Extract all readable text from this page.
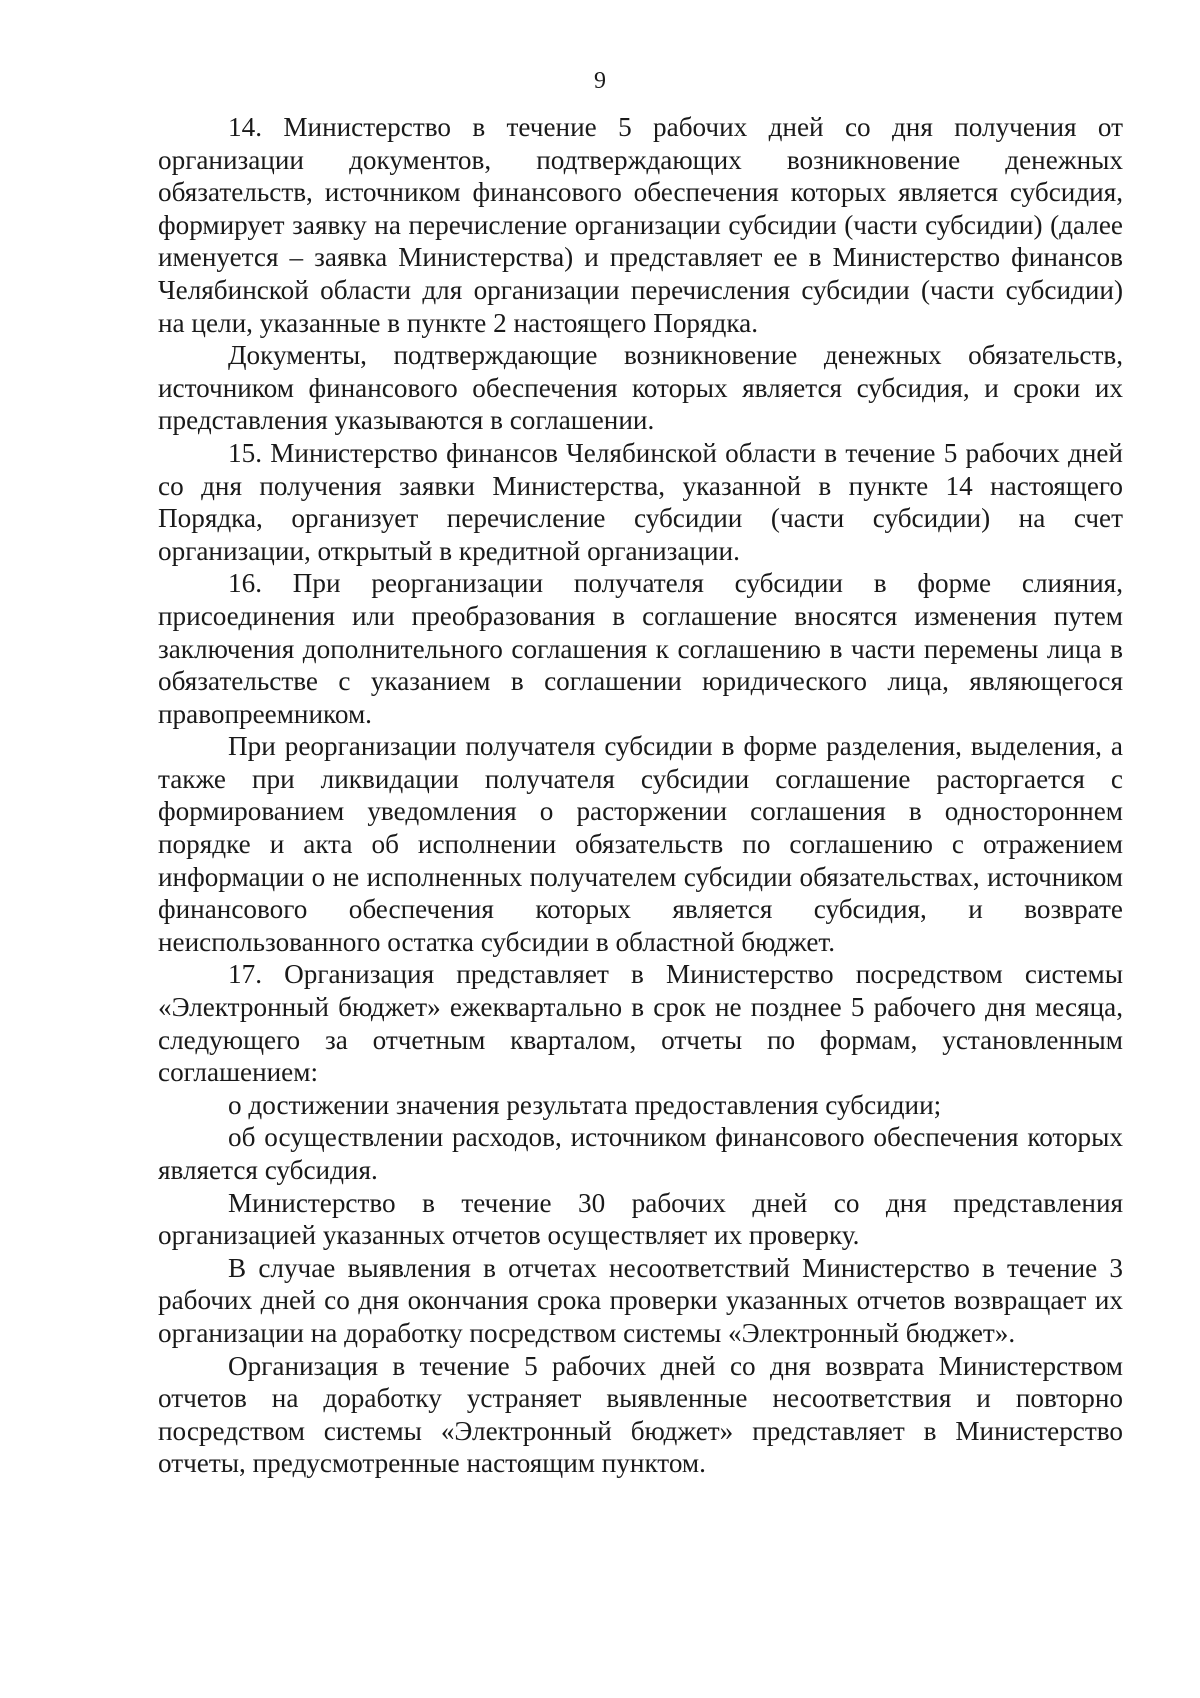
9

14. Министерство в течение 5 рабочих дней со дня получения от организации документов, подтверждающих возникновение денежных обязательств, источником финансового обеспечения которых является субсидия, формирует заявку на перечисление организации субсидии (части субсидии) (далее именуется – заявка Министерства) и представляет ее в Министерство финансов Челябинской области для организации перечисления субсидии (части субсидии) на цели, указанные в пункте 2 настоящего Порядка.

Документы, подтверждающие возникновение денежных обязательств, источником финансового обеспечения которых является субсидия, и сроки их представления указываются в соглашении.

15. Министерство финансов Челябинской области в течение 5 рабочих дней со дня получения заявки Министерства, указанной в пункте 14 настоящего Порядка, организует перечисление субсидии (части субсидии) на счет организации, открытый в кредитной организации.

16. При реорганизации получателя субсидии в форме слияния, присоединения или преобразования в соглашение вносятся изменения путем заключения дополнительного соглашения к соглашению в части перемены лица в обязательстве с указанием в соглашении юридического лица, являющегося правопреемником.

При реорганизации получателя субсидии в форме разделения, выделения, а также при ликвидации получателя субсидии соглашение расторгается с формированием уведомления о расторжении соглашения в одностороннем порядке и акта об исполнении обязательств по соглашению с отражением информации о не исполненных получателем субсидии обязательствах, источником финансового обеспечения которых является субсидия, и возврате неиспользованного остатка субсидии в областной бюджет.

17. Организация представляет в Министерство посредством системы «Электронный бюджет» ежеквартально в срок не позднее 5 рабочего дня месяца, следующего за отчетным кварталом, отчеты по формам, установленным соглашением:

о достижении значения результата предоставления субсидии;

об осуществлении расходов, источником финансового обеспечения которых является субсидия.

Министерство в течение 30 рабочих дней со дня представления организацией указанных отчетов осуществляет их проверку.

В случае выявления в отчетах несоответствий Министерство в течение 3 рабочих дней со дня окончания срока проверки указанных отчетов возвращает их организации на доработку посредством системы «Электронный бюджет».

Организация в течение 5 рабочих дней со дня возврата Министерством отчетов на доработку устраняет выявленные несоответствия и повторно посредством системы «Электронный бюджет» представляет в Министерство отчеты, предусмотренные настоящим пунктом.
